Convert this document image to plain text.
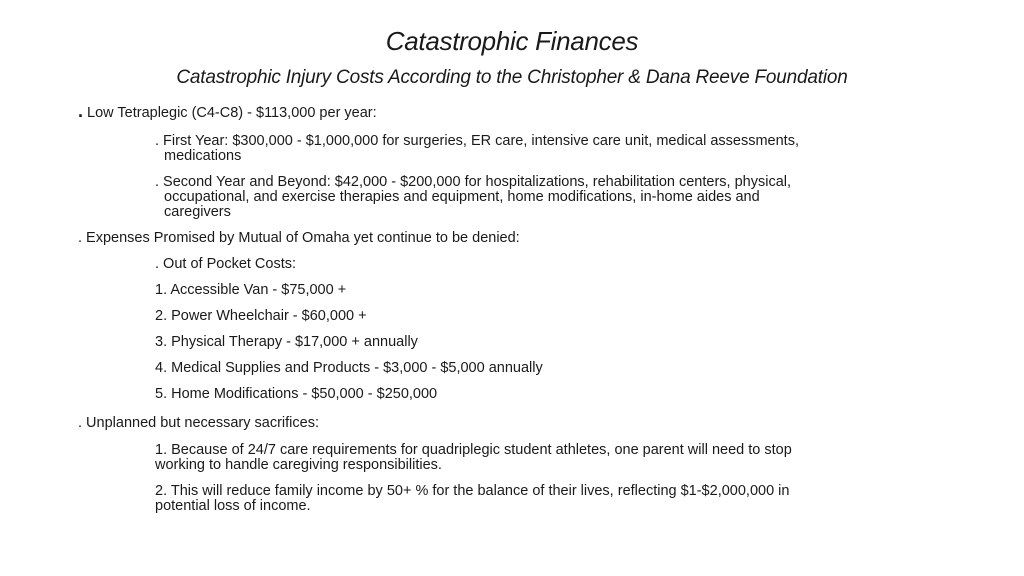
Catastrophic Finances
Catastrophic Injury Costs According to the Christopher & Dana Reeve Foundation
. Low Tetraplegic (C4-C8) - $113,000 per year:
. First Year: $300,000 - $1,000,000 for surgeries, ER care, intensive care unit, medical assessments,
medications
. Second Year and Beyond: $42,000 - $200,000 for hospitalizations, rehabilitation centers, physical,
occupational, and exercise therapies and equipment, home modifications, in-home aides and
caregivers
. Expenses Promised by Mutual of Omaha yet continue to be denied:
. Out of Pocket Costs:
1. Accessible Van - $75,000 +
2. Power Wheelchair - $60,000 +
3. Physical Therapy - $17,000 + annually
4. Medical Supplies and Products - $3,000 - $5,000 annually
5. Home Modifications - $50,000 - $250,000
. Unplanned but necessary sacrifices:
1. Because of 24/7 care requirements for quadriplegic student athletes, one parent will need to stop
working to handle caregiving responsibilities.
2. This will reduce family income by 50+ % for the balance of their lives, reflecting $1-$2,000,000 in
potential loss of income.
